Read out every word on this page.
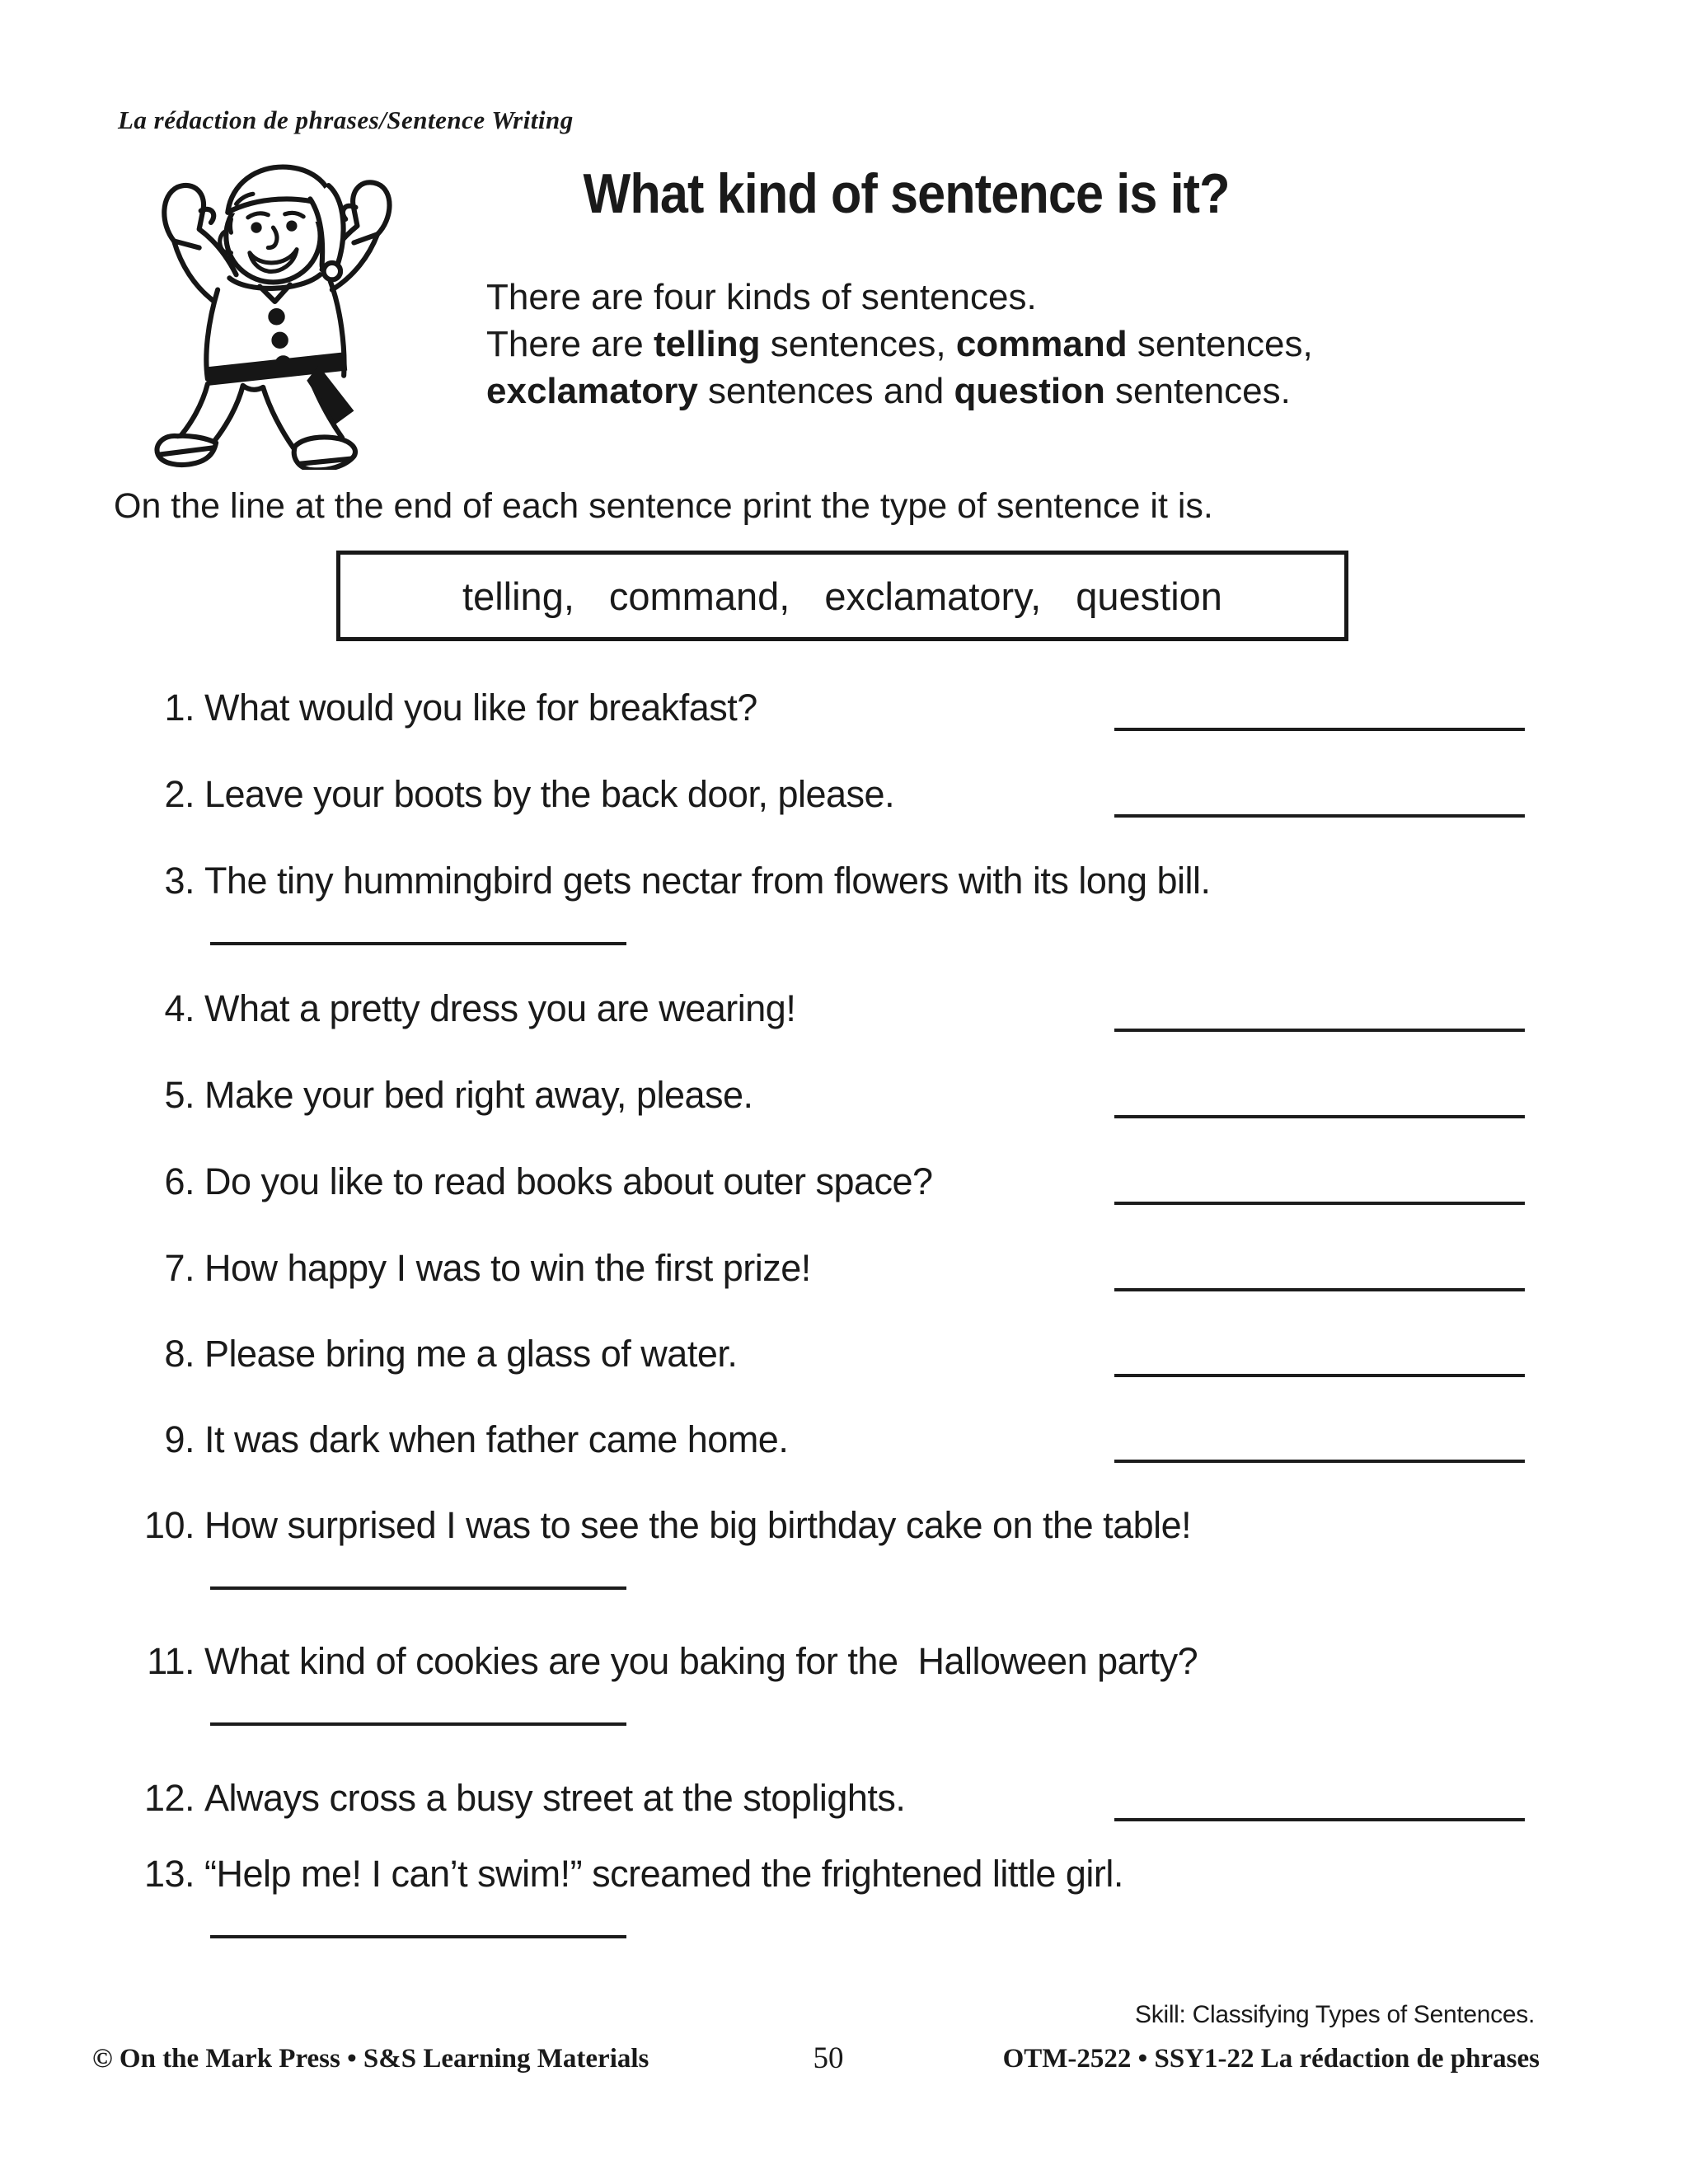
La rédaction de phrases/Sentence Writing
What kind of sentence is it?
There are four kinds of sentences.
There are telling sentences, command sentences,
exclamatory sentences and question sentences.
On the line at the end of each sentence print the type of sentence it is.
telling, command, exclamatory, question
1. What would you like for breakfast?
2. Leave your boots by the back door, please.
3. The tiny hummingbird gets nectar from flowers with its long bill.
4. What a pretty dress you are wearing!
5. Make your bed right away, please.
6. Do you like to read books about outer space?
7. How happy I was to win the first prize!
8. Please bring me a glass of water.
9. It was dark when father came home.
10. How surprised I was to see the big birthday cake on the table!
11. What kind of cookies are you baking for the  Halloween party?
12. Always cross a busy street at the stoplights.
13. “Help me! I can’t swim!” screamed the frightened little girl.
Skill: Classifying Types of Sentences.
© On the Mark Press • S&S Learning Materials	50	OTM-2522 • SSY1-22 La rédaction de phrases
